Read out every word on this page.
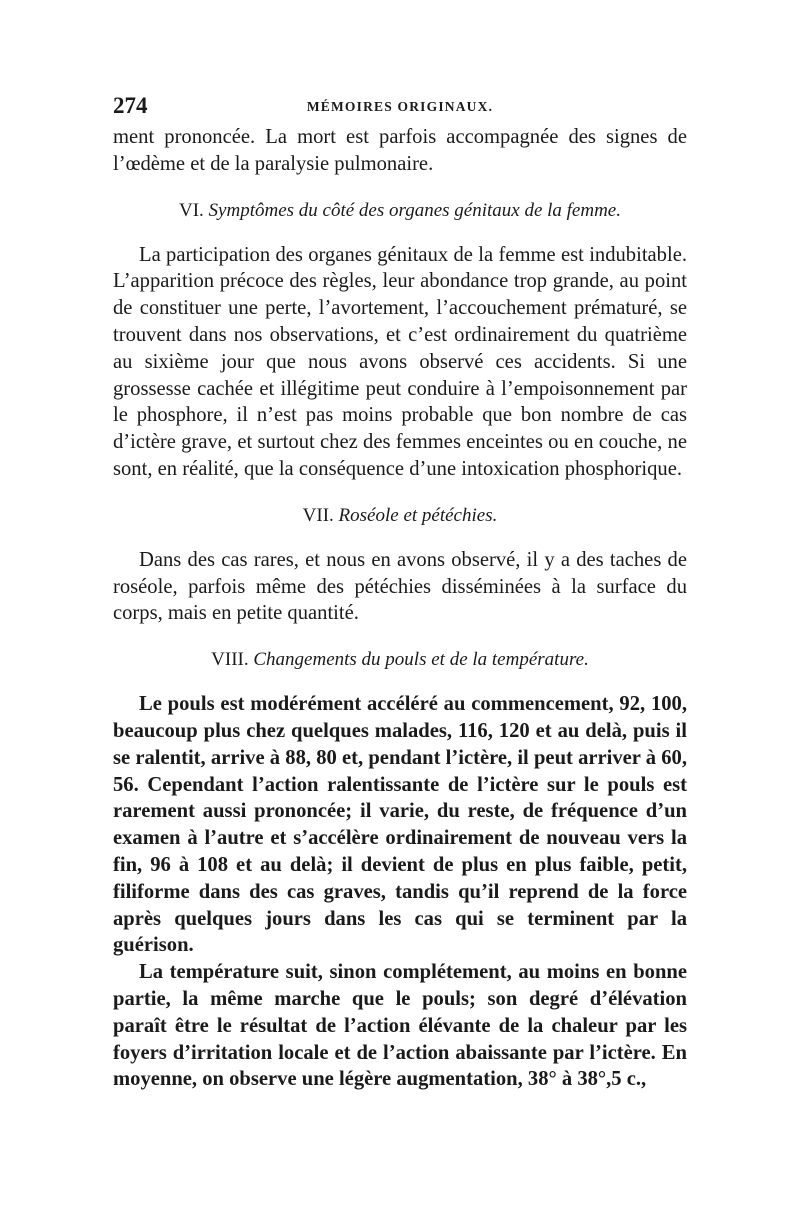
274	MÉMOIRES ORIGINAUX.

ment prononcée. La mort est parfois accompagnée des signes de l’œdème et de la paralysie pulmonaire.

VI. Symptômes du côté des organes génitaux de la femme.

La participation des organes génitaux de la femme est indubitable. L’apparition précoce des règles, leur abondance trop grande, au point de constituer une perte, l’avortement, l’accouchement prématuré, se trouvent dans nos observations, et c’est ordinairement du quatrième au sixième jour que nous avons observé ces accidents. Si une grossesse cachée et illégitime peut conduire à l’empoisonnement par le phosphore, il n’est pas moins probable que bon nombre de cas d’ictère grave, et surtout chez des femmes enceintes ou en couche, ne sont, en réalité, que la conséquence d’une intoxication phosphorique.

VII. Roséole et pétéchies.

Dans des cas rares, et nous en avons observé, il y a des taches de roséole, parfois même des pétéchies disséminées à la surface du corps, mais en petite quantité.

VIII. Changements du pouls et de la température.

Le pouls est modérément accéléré au commencement, 92, 100, beaucoup plus chez quelques malades, 116, 120 et au delà, puis il se ralentit, arrive à 88, 80 et, pendant l’ictère, il peut arriver à 60, 56. Cependant l’action ralentissante de l’ictère sur le pouls est rarement aussi prononcée; il varie, du reste, de fréquence d’un examen à l’autre et s’accélère ordinairement de nouveau vers la fin, 96 à 108 et au delà; il devient de plus en plus faible, petit, filiforme dans des cas graves, tandis qu’il reprend de la force après quelques jours dans les cas qui se terminent par la guérison.

La température suit, sinon complétement, au moins en bonne partie, la même marche que le pouls; son degré d’élévation paraît être le résultat de l’action élévante de la chaleur par les foyers d’irritation locale et de l’action abaissante par l’ictère. En moyenne, on observe une légère augmentation, 38° à 38°,5 c.,
